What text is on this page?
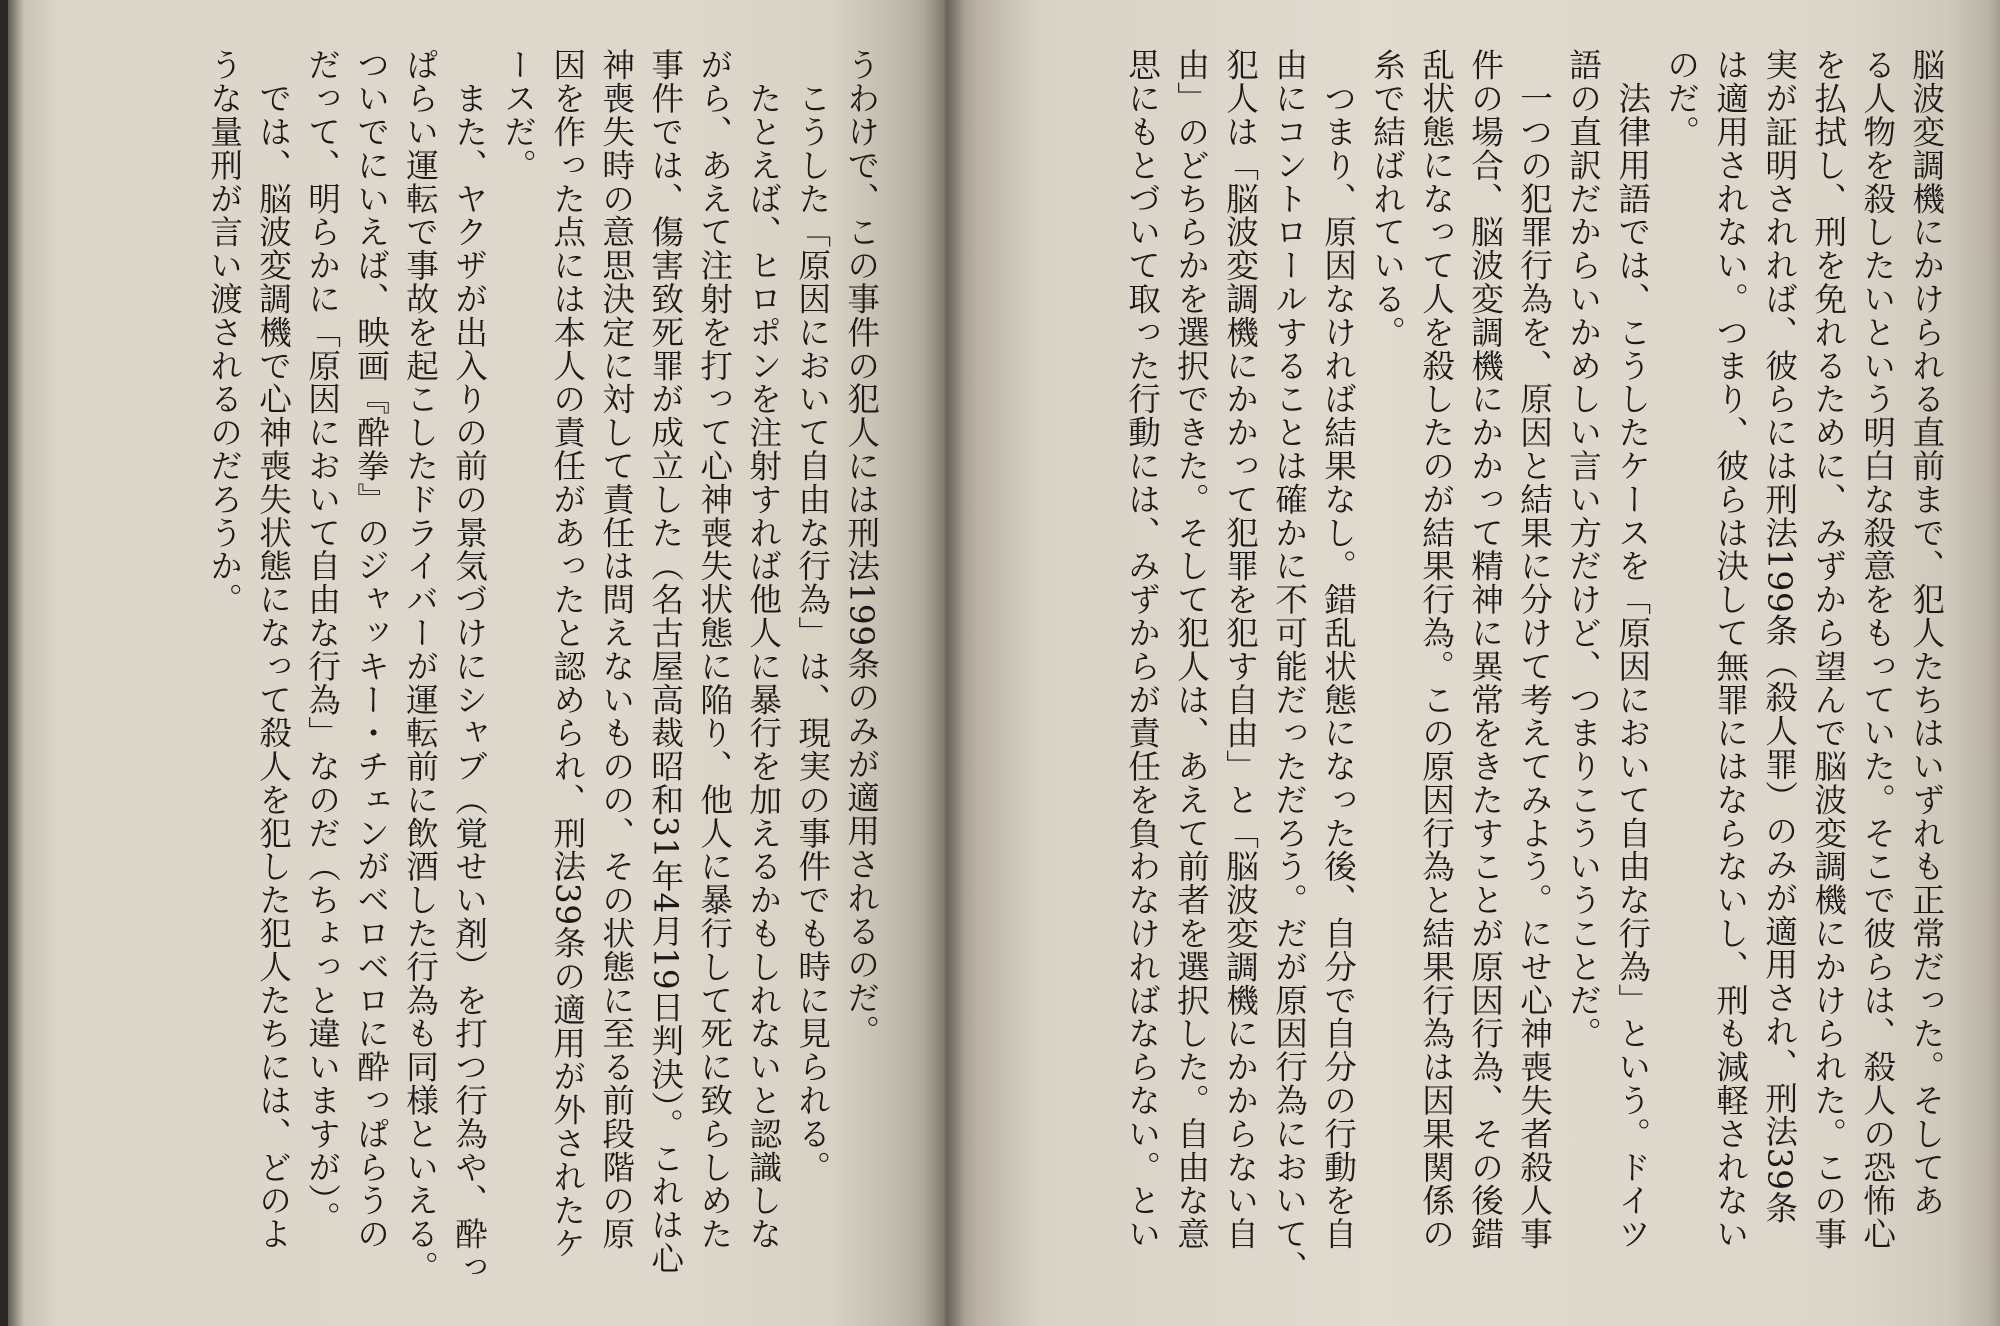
うわけで、この事件の犯人には刑法199条のみが適用されるのだ。
　こうした「原因において自由な行為」は、現実の事件でも時に見られる。
　たとえば、ヒロポンを注射すれば他人に暴行を加えるかもしれないと認識しな
がら、あえて注射を打って心神喪失状態に陥り、他人に暴行して死に致らしめた
事件では、傷害致死罪が成立した（名古屋高裁昭和31年4月19日判決）。これは心
神喪失時の意思決定に対して責任は問えないものの、その状態に至る前段階の原
因を作った点には本人の責任があったと認められ、刑法39条の適用が外されたケ
ースだ。
　また、ヤクザが出入りの前の景気づけにシャブ（覚せい剤）を打つ行為や、酔っ
ぱらい運転で事故を起こしたドライバーが運転前に飲酒した行為も同様といえる。
ついでにいえば、映画『酔拳』のジャッキー・チェンがベロベロに酔っぱらうの
だって、明らかに「原因において自由な行為」なのだ（ちょっと違いますが）。
　では、脳波変調機で心神喪失状態になって殺人を犯した犯人たちには、どのよ
うな量刑が言い渡されるのだろうか。	脳波変調機にかけられる直前まで、犯人たちはいずれも正常だった。そしてあ
る人物を殺したいという明白な殺意をもっていた。そこで彼らは、殺人の恐怖心
を払拭し、刑を免れるために、みずから望んで脳波変調機にかけられた。この事
実が証明されれば、彼らには刑法199条（殺人罪）のみが適用され、刑法39条
は適用されない。つまり、彼らは決して無罪にはならないし、刑も減軽されない
のだ。
　法律用語では、こうしたケースを「原因において自由な行為」という。ドイツ
語の直訳だからいかめしい言い方だけど、つまりこういうことだ。
　一つの犯罪行為を、原因と結果に分けて考えてみよう。にせ心神喪失者殺人事
件の場合、脳波変調機にかかって精神に異常をきたすことが原因行為、その後錯
乱状態になって人を殺したのが結果行為。この原因行為と結果行為は因果関係の
糸で結ばれている。
　つまり、原因なければ結果なし。錯乱状態になった後、自分で自分の行動を自
由にコントロールすることは確かに不可能だっただろう。だが原因行為において、
犯人は「脳波変調機にかかって犯罪を犯す自由」と「脳波変調機にかからない自
由」のどちらかを選択できた。そして犯人は、あえて前者を選択した。自由な意
思にもとづいて取った行動には、みずからが責任を負わなければならない。とい
